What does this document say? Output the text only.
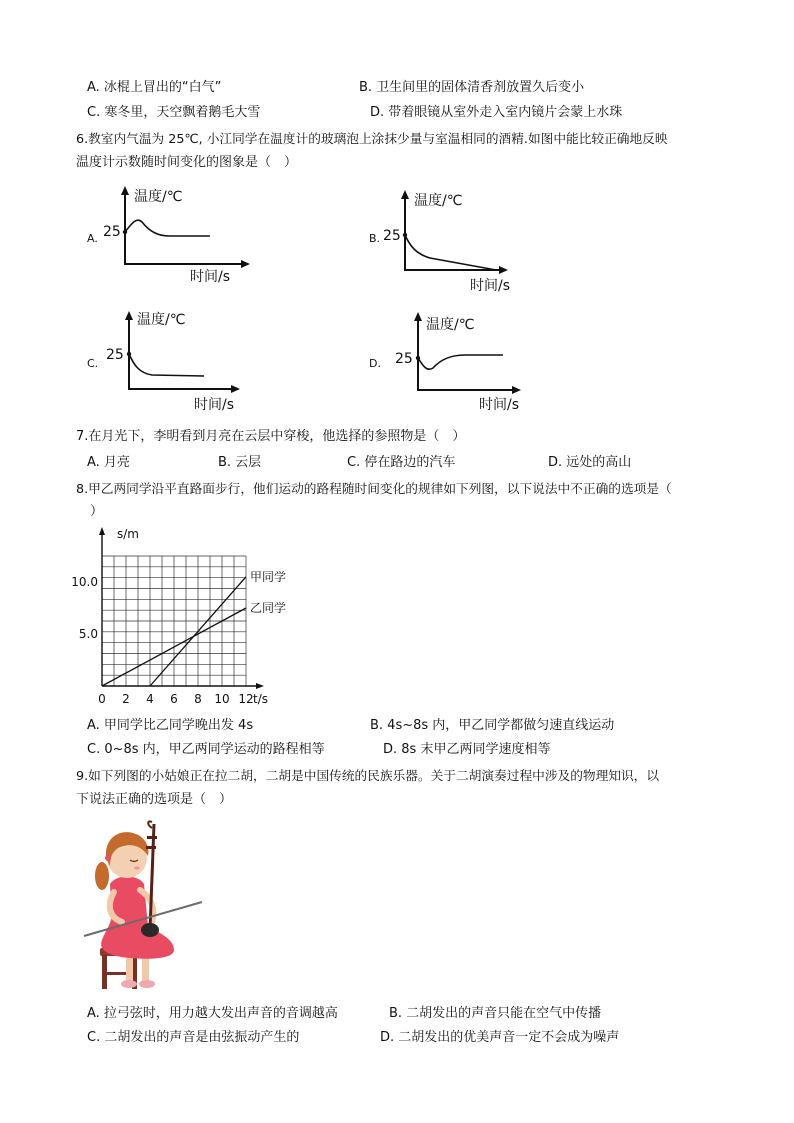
A. 冰棍上冒出的“白气”	B. 卫生间里的固体清香剂放置久后变小
C. 寒冬里，天空飘着鹅毛大雪	D. 带着眼镜从室外走入室内镜片会蒙上水珠
6.教室内气温为 25℃, 小江同学在温度计的玻璃泡上涂抹少量与室温相同的酒精.如图中能比较正确地反映
温度计示数随时间变化的图象是（　）
A.
温度/℃
时间/s
25	B.
温度/℃
时间/s
25
C.
温度/℃
时间/s
25
D.
温度/℃
时间/s
25
7.在月光下，李明看到月亮在云层中穿梭，他选择的参照物是（　）
A. 月亮	B. 云层	C. 停在路边的汽车	D. 远处的高山
8.甲乙两同学沿平直路面步行，他们运动的路程随时间变化的规律如下列图，以下说法中不正确的选项是（
）
s/m
t/s
0 2 4 6 8 10 12
5.0
10.0	甲同学
乙同学
A. 甲同学比乙同学晚出发 4s	B. 4s~8s 内，甲乙同学都做匀速直线运动
C. 0~8s 内，甲乙两同学运动的路程相等	D. 8s 末甲乙两同学速度相等
9.如下列图的小姑娘正在拉二胡，二胡是中国传统的民族乐器。关于二胡演奏过程中涉及的物理知识，以
下说法正确的选项是（　）
A. 拉弓弦时，用力越大发出声音的音调越高	B. 二胡发出的声音只能在空气中传播
C. 二胡发出的声音是由弦振动产生的	D. 二胡发出的优美声音一定不会成为噪声
